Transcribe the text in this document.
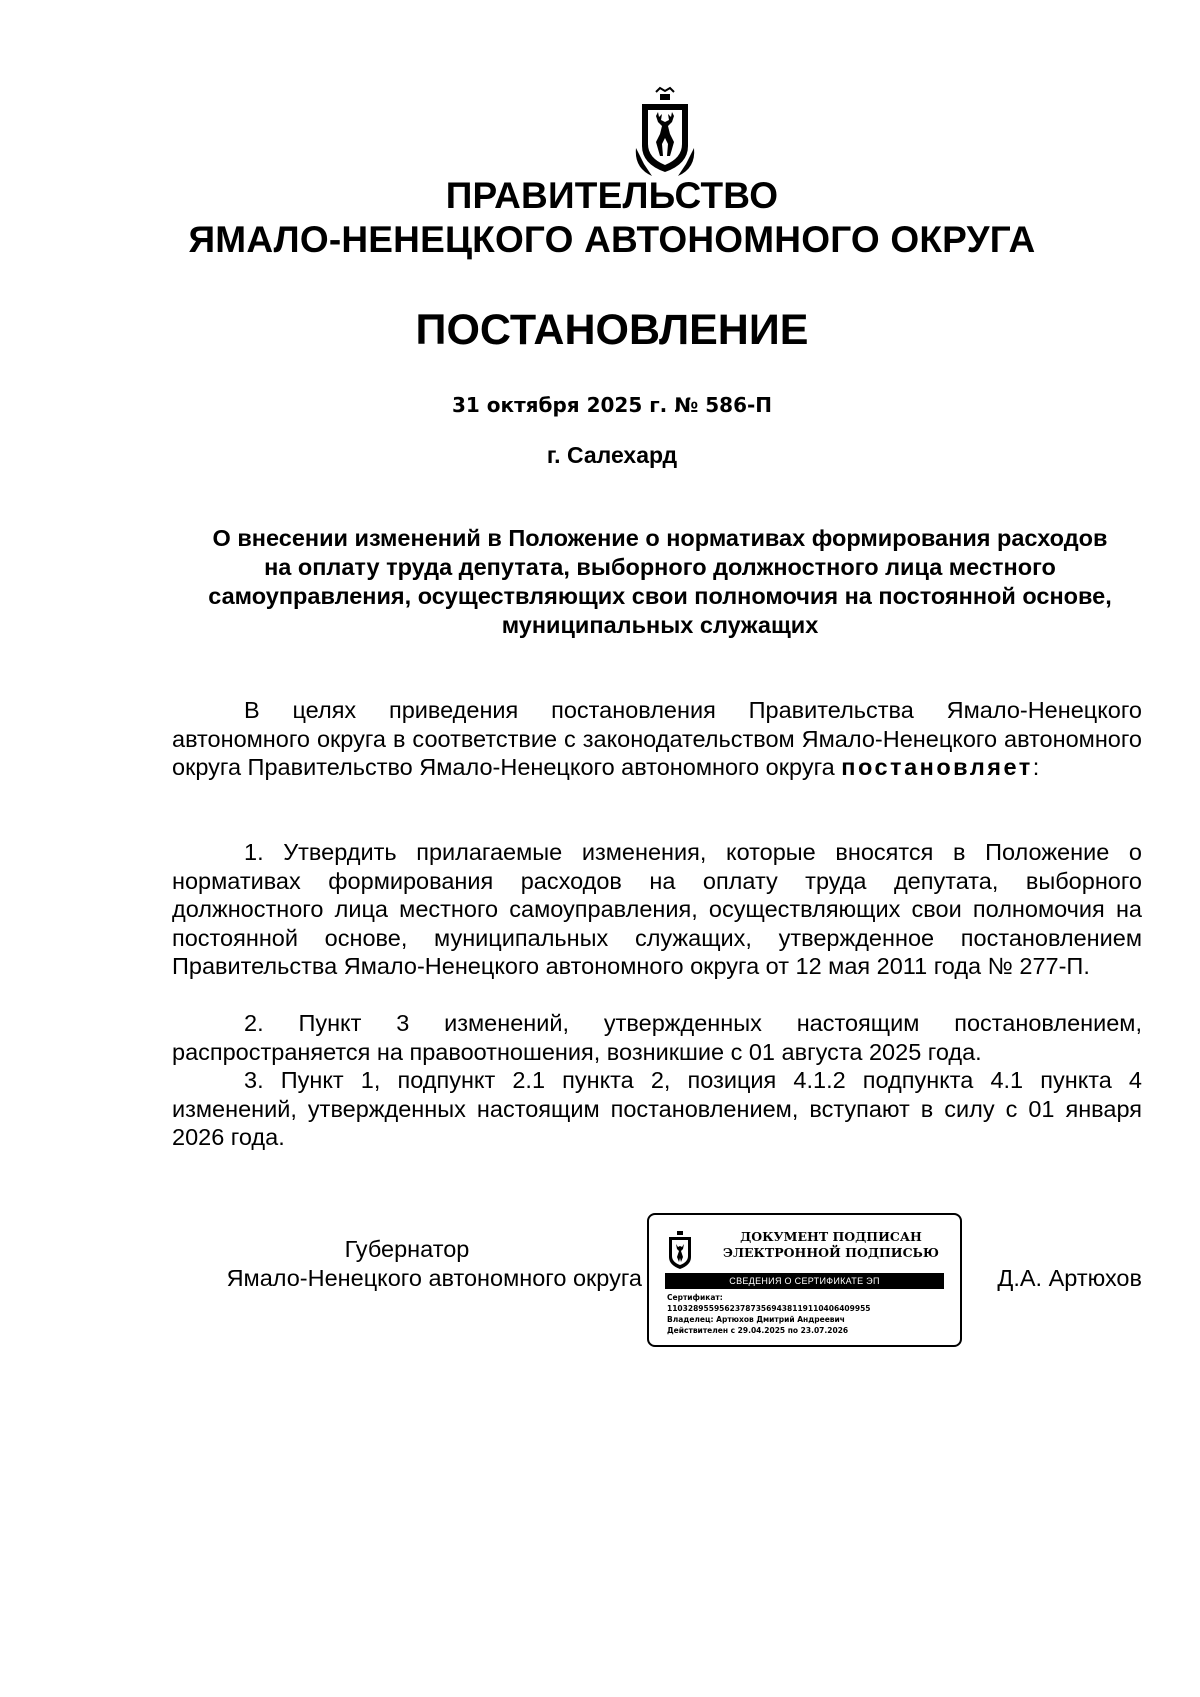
ПРАВИТЕЛЬСТВО
ЯМАЛО-НЕНЕЦКОГО АВТОНОМНОГО ОКРУГА
ПОСТАНОВЛЕНИЕ
31 октября 2025 г. № 586-П
г. Салехард
О внесении изменений в Положение о нормативах формирования расходов на оплату труда депутата, выборного должностного лица местного самоуправления, осуществляющих свои полномочия на постоянной основе, муниципальных служащих
В целях приведения постановления Правительства Ямало-Ненецкого автономного округа в соответствие с законодательством Ямало-Ненецкого автономного округа Правительство Ямало-Ненецкого автономного округа постановляет:
1. Утвердить прилагаемые изменения, которые вносятся в Положение о нормативах формирования расходов на оплату труда депутата, выборного должностного лица местного самоуправления, осуществляющих свои полномочия на постоянной основе, муниципальных служащих, утвержденное постановлением Правительства Ямало-Ненецкого автономного округа от 12 мая 2011 года № 277-П.
2. Пункт 3 изменений, утвержденных настоящим постановлением, распространяется на правоотношения, возникшие с 01 августа 2025 года.
3. Пункт 1, подпункт 2.1 пункта 2, позиция 4.1.2 подпункта 4.1 пункта 4 изменений, утвержденных настоящим постановлением, вступают в силу с 01 января 2026 года.
Губернатор
Ямало-Ненецкого автономного округа
ДОКУМЕНТ ПОДПИСАН
ЭЛЕКТРОННОЙ ПОДПИСЬЮ
СВЕДЕНИЯ О СЕРТИФИКАТЕ ЭП
Сертификат:
11032895595623787356943811911040640995​5
Владелец: Артюхов Дмитрий Андреевич
Действителен с 29.04.2025 по 23.07.2026
Д.А. Артюхов
